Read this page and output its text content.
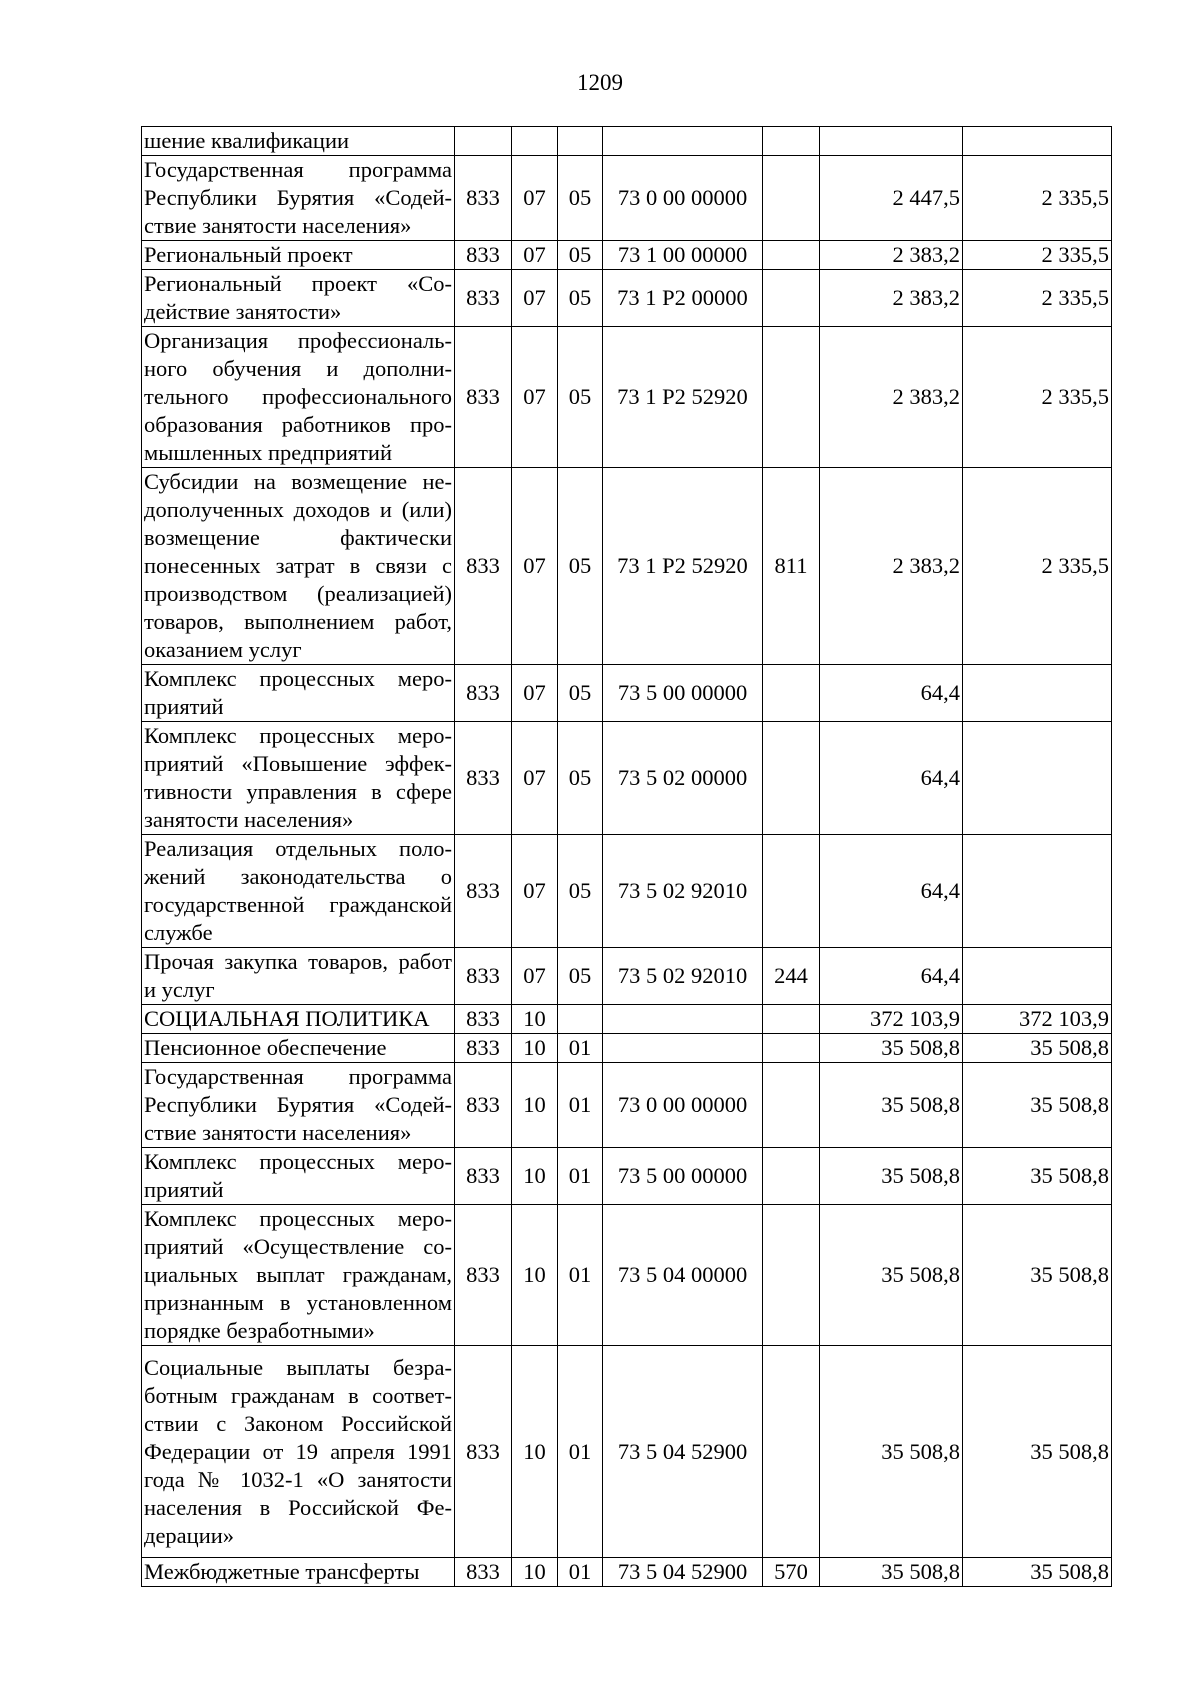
1209
шение квалификации							
Государственная программа Республики Бурятия «Содействие занятости населения»	833	07	05	73 0 00 00000		2 447,5	2 335,5
Региональный проект	833	07	05	73 1 00 00000		2 383,2	2 335,5
Региональный проект «Содействие занятости»	833	07	05	73 1 P2 00000		2 383,2	2 335,5
Организация профессионального обучения и дополнительного профессионального образования работников промышленных предприятий	833	07	05	73 1 P2 52920		2 383,2	2 335,5
Субсидии на возмещение недополученных доходов и (или) возмещение фактически понесенных затрат в связи с производством (реализацией) товаров, выполнением работ, оказанием услуг	833	07	05	73 1 P2 52920	811	2 383,2	2 335,5
Комплекс процессных мероприятий	833	07	05	73 5 00 00000		64,4	
Комплекс процессных мероприятий «Повышение эффективности управления в сфере занятости населения»	833	07	05	73 5 02 00000		64,4	
Реализация отдельных положений законодательства о государственной гражданской службе	833	07	05	73 5 02 92010		64,4	
Прочая закупка товаров, работ и услуг	833	07	05	73 5 02 92010	244	64,4	
СОЦИАЛЬНАЯ ПОЛИТИКА	833	10				372 103,9	372 103,9
Пенсионное обеспечение	833	10	01			35 508,8	35 508,8
Государственная программа Республики Бурятия «Содействие занятости населения»	833	10	01	73 0 00 00000		35 508,8	35 508,8
Комплекс процессных мероприятий	833	10	01	73 5 00 00000		35 508,8	35 508,8
Комплекс процессных мероприятий «Осуществление социальных выплат гражданам, признанным в установленном порядке безработными»	833	10	01	73 5 04 00000		35 508,8	35 508,8
Социальные выплаты безработным гражданам в соответствии с Законом Российской Федерации от 19 апреля 1991 года № 1032-1 «О занятости населения в Российской Федерации»	833	10	01	73 5 04 52900		35 508,8	35 508,8
Межбюджетные трансферты	833	10	01	73 5 04 52900	570	35 508,8	35 508,8
